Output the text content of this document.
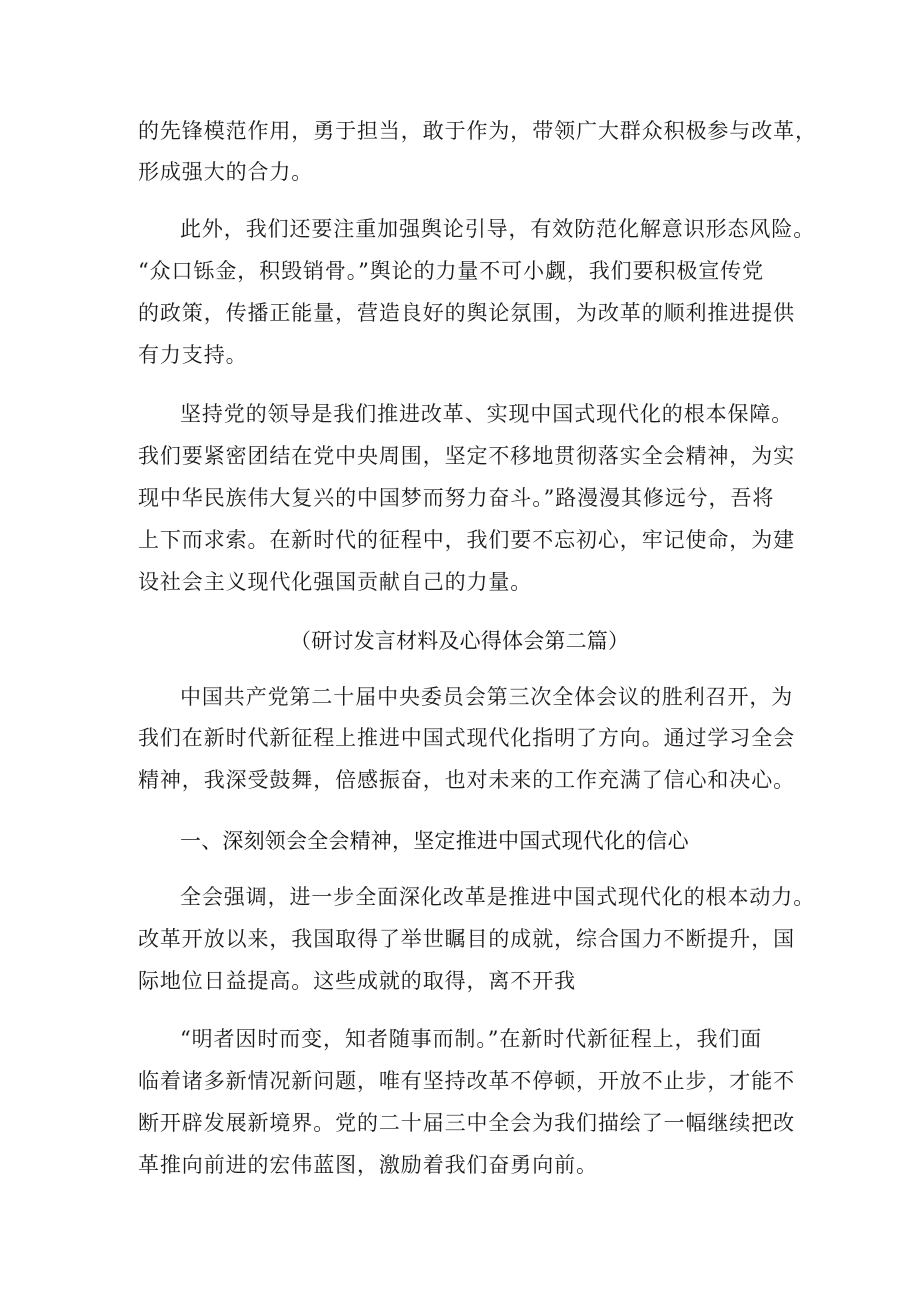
的先锋模范作用，勇于担当，敢于作为，带领广大群众积极参与改革，

形成强大的合力。

此外，我们还要注重加强舆论引导，有效防范化解意识形态风险。

“众口铄金，积毁销骨。”舆论的力量不可小觑，我们要积极宣传党

的政策，传播正能量，营造良好的舆论氛围，为改革的顺利推进提供

有力支持。

坚持党的领导是我们推进改革、实现中国式现代化的根本保障。

我们要紧密团结在党中央周围，坚定不移地贯彻落实全会精神，为实

现中华民族伟大复兴的中国梦而努力奋斗。”路漫漫其修远兮，吾将

上下而求索。在新时代的征程中，我们要不忘初心，牢记使命，为建

设社会主义现代化强国贡献自己的力量。

（研讨发言材料及心得体会第二篇）

中国共产党第二十届中央委员会第三次全体会议的胜利召开，为

我们在新时代新征程上推进中国式现代化指明了方向。通过学习全会

精神，我深受鼓舞，倍感振奋，也对未来的工作充满了信心和决心。

一、深刻领会全会精神，坚定推进中国式现代化的信心

全会强调，进一步全面深化改革是推进中国式现代化的根本动力。

改革开放以来，我国取得了举世瞩目的成就，综合国力不断提升，国

际地位日益提高。这些成就的取得，离不开我

“明者因时而变，知者随事而制。”在新时代新征程上，我们面

临着诸多新情况新问题，唯有坚持改革不停顿，开放不止步，才能不

断开辟发展新境界。党的二十届三中全会为我们描绘了一幅继续把改

革推向前进的宏伟蓝图，激励着我们奋勇向前。
